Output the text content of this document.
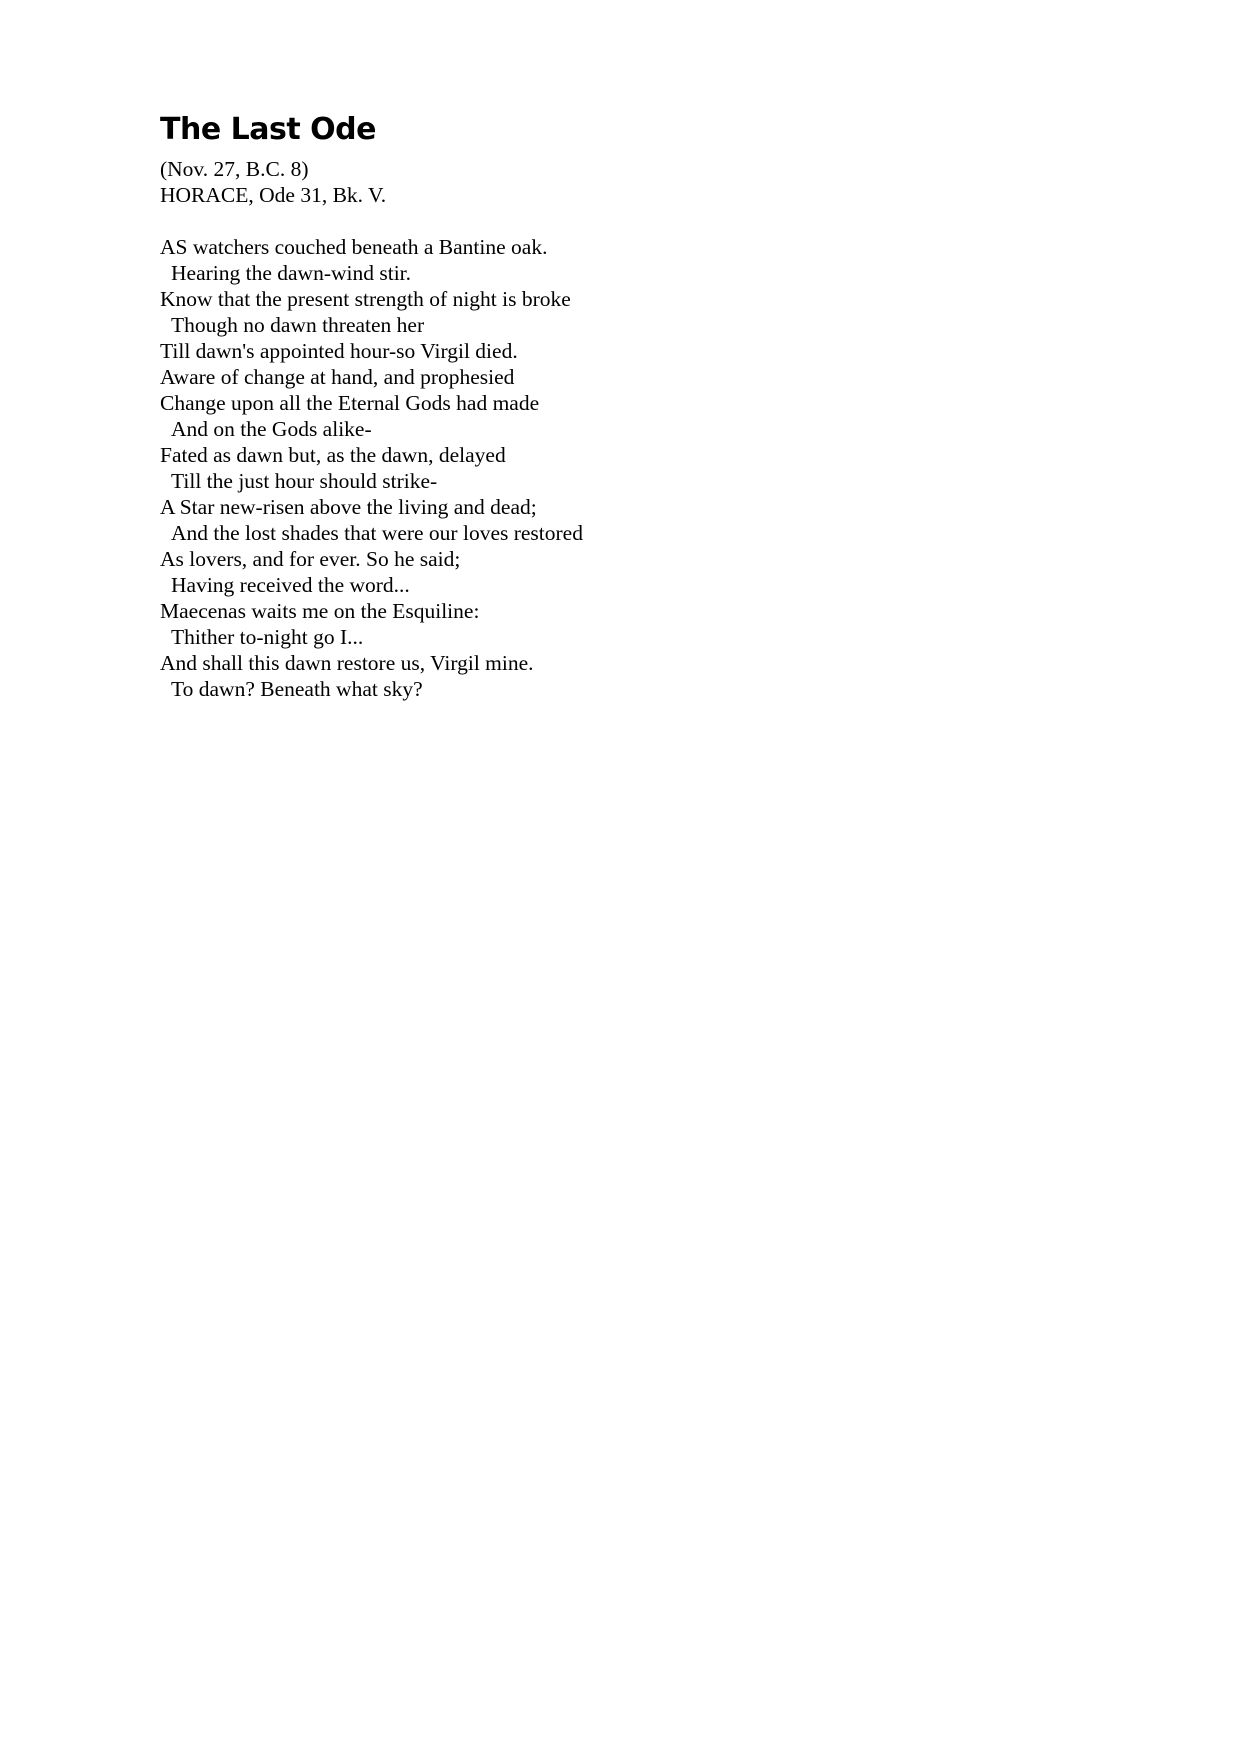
The Last Ode
(Nov. 27, B.C. 8)
HORACE, Ode 31, Bk. V.
AS watchers couched beneath a Bantine oak.
Hearing the dawn-wind stir.
Know that the present strength of night is broke
Though no dawn threaten her
Till dawn's appointed hour-so Virgil died.
Aware of change at hand, and prophesied
Change upon all the Eternal Gods had made
And on the Gods alike-
Fated as dawn but, as the dawn, delayed
Till the just hour should strike-
A Star new-risen above the living and dead;
And the lost shades that were our loves restored
As lovers, and for ever. So he said;
Having received the word...
Maecenas waits me on the Esquiline:
Thither to-night go I...
And shall this dawn restore us, Virgil mine.
To dawn? Beneath what sky?
